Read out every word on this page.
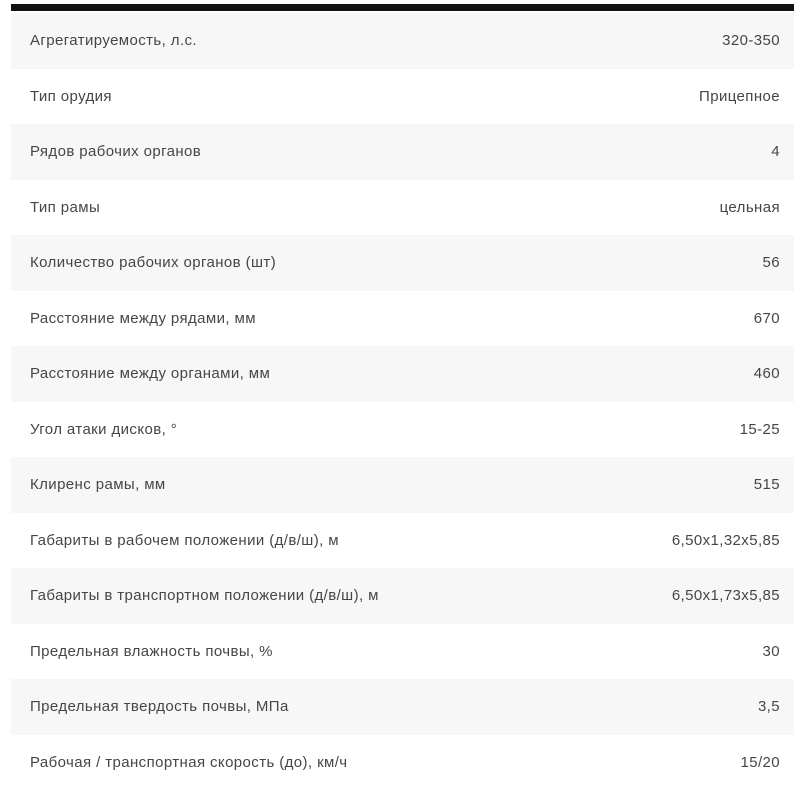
Агрегатируемость, л.с.	320-350
Тип орудия	Прицепное
Рядов рабочих органов	4
Тип рамы	цельная
Количество рабочих органов (шт)	56
Расстояние между рядами, мм	670
Расстояние между органами, мм	460
Угол атаки дисков, °	15-25
Клиренс рамы, мм	515
Габариты в рабочем положении (д/в/ш), м	6,50х1,32х5,85
Габариты в транспортном положении (д/в/ш), м	6,50х1,73х5,85
Предельная влажность почвы, %	30
Предельная твердость почвы, МПа	3,5
Рабочая / транспортная скорость (до), км/ч	15/20
